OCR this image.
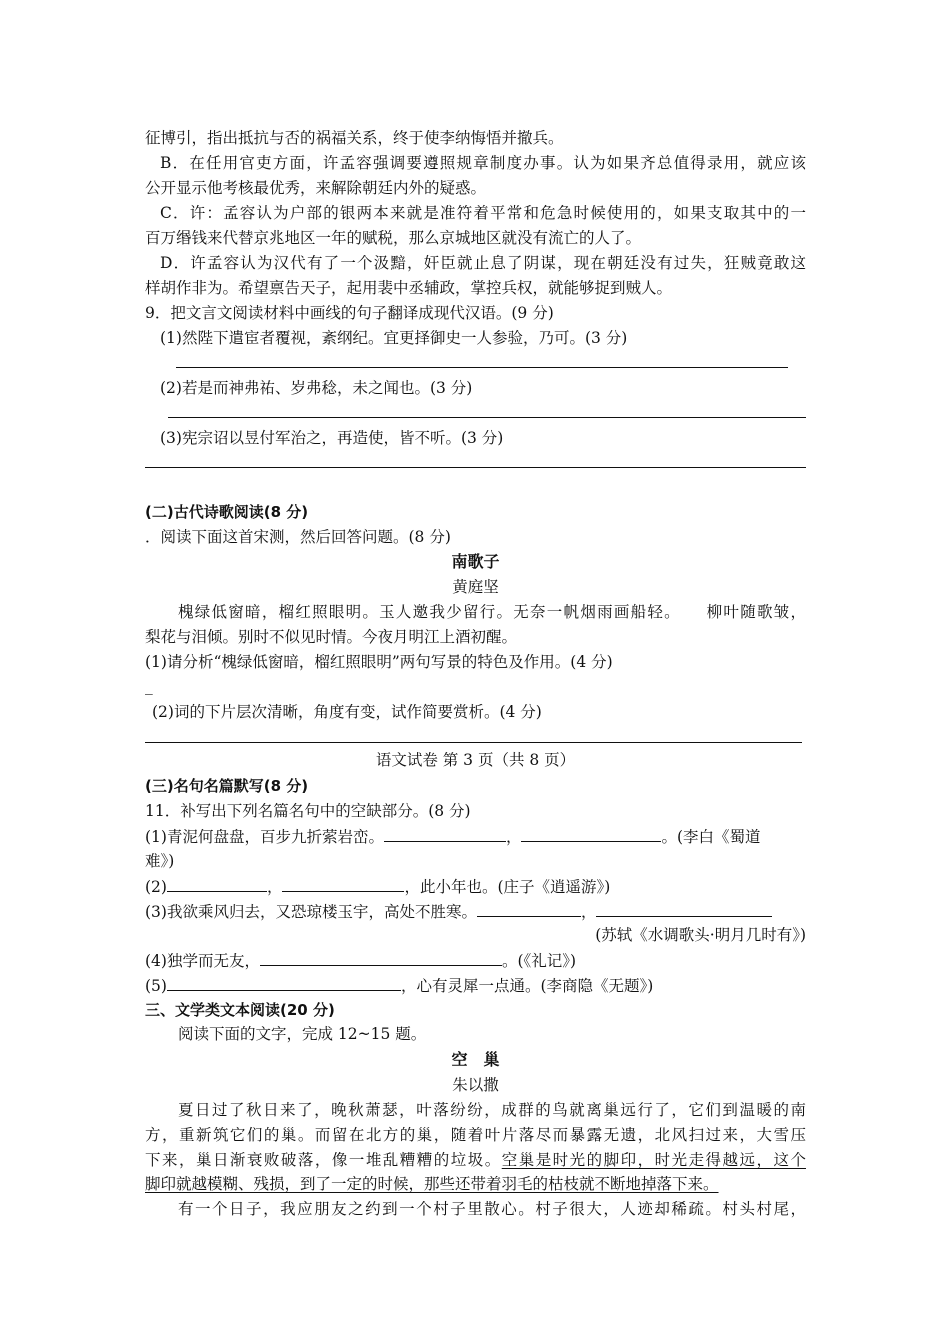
征博引，指出抵抗与否的祸福关系，终于使李纳悔悟并撤兵。
B．在任用官吏方面，许孟容强调要遵照规章制度办事。认为如果齐总值得录用，就应该
公开显示他考核最优秀，来解除朝廷内外的疑惑。
C．许：孟容认为户部的银两本来就是准符着平常和危急时候使用的，如果支取其中的一
百万缗钱来代替京兆地区一年的赋税，那么京城地区就没有流亡的人了。
D．许孟容认为汉代有了一个汲黯，奸臣就止息了阴谋，现在朝廷没有过失，狂贼竟敢这
样胡作非为。希望禀告天子，起用裴中丞辅政，掌控兵权，就能够捉到贼人。
9．把文言文阅读材料中画线的句子翻译成现代汉语。(9 分)
(1)然陛下遣宦者覆视，紊纲纪。宜更择御史一人参验，乃可。(3 分)
(2)若是而神弗祐、岁弗稔，未之闻也。(3 分)
(3)宪宗诏以昱付军治之，再造使，皆不听。(3 分)
(二)古代诗歌阅读(8 分)
．阅读下面这首宋测，然后回答问题。(8 分)
南歌子
黄庭坚
槐绿低窗暗，榴红照眼明。玉人邀我少留行。无奈一帆烟雨画船轻。　　柳叶随歌皱，
梨花与泪倾。别时不似见时情。今夜月明江上酒初醒。
(1)请分析“槐绿低窗暗，榴红照眼明”两句写景的特色及作用。(4 分)
_
(2)词的下片层次清晰，角度有变，试作简要赏析。(4 分)
语文试卷 第 3 页（共 8 页）
(三)名句名篇默写(8 分)
11．补写出下列名篇名句中的空缺部分。(8 分)
(1)青泥何盘盘，百步九折萦岩峦。	，	。(李白《蜀道
难》)
(2)	，	，此小年也。(庄子《逍遥游》)
(3)我欲乘风归去，又恐琼楼玉宇，高处不胜寒。	，
(苏轼《水调歌头·明月几时有》)
(4)独学而无友，	。(《礼记》)
(5)	，心有灵犀一点通。(李商隐《无题》)
三、文学类文本阅读(20 分)
阅读下面的文字，完成 12~15 题。
空　巢
朱以撒
夏日过了秋日来了，晚秋萧瑟，叶落纷纷，成群的鸟就离巢远行了，它们到温暖的南
方，重新筑它们的巢。而留在北方的巢，随着叶片落尽而暴露无遗，北风扫过来，大雪压
下来，巢日渐衰败破落，像一堆乱糟糟的垃圾。空巢是时光的脚印，时光走得越远，这个
脚印就越模糊、残损，到了一定的时候，那些还带着羽毛的枯枝就不断地掉落下来。
有一个日子，我应朋友之约到一个村子里散心。村子很大，人迹却稀疏。村头村尾，
